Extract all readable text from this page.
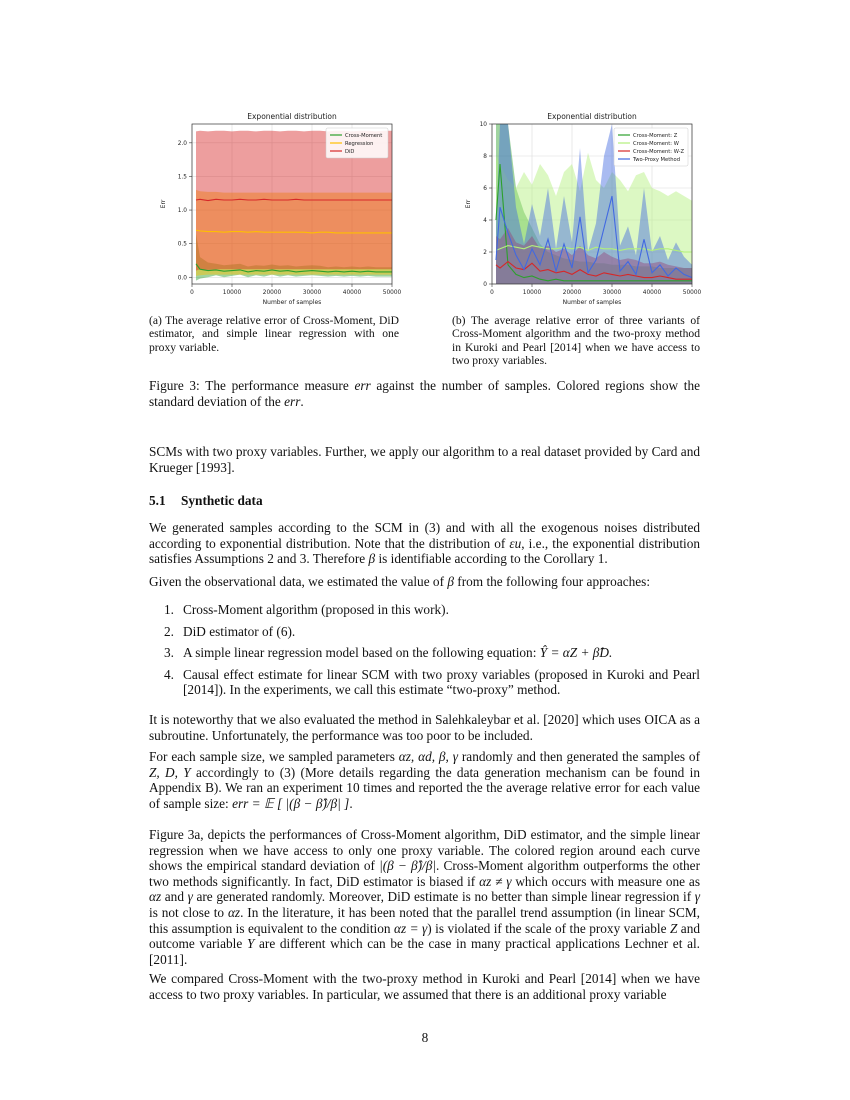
Exponential distribution
0	10000	20000	30000	40000	50000
0.0
0.5
1.0
1.5
2.0
Number of samples
Err
Cross-Moment
Regression
DiD
Exponential distribution
0	10000	20000	30000	40000	50000
0
2
4
6
8
10
Number of samples
Err
Cross-Moment: Z
Cross-Moment: W
Cross-Moment: W-Z
Two-Proxy Method
(a) The average relative error of Cross-Moment, DiD estimator, and simple linear regression with one proxy variable.
(b) The average relative error of three variants of Cross-Moment algorithm and the two-proxy method in Kuroki and Pearl [2014] when we have access to two proxy variables.
Figure 3: The performance measure err against the number of samples. Colored regions show the standard deviation of the err.
SCMs with two proxy variables. Further, we apply our algorithm to a real dataset provided by Card and Krueger [1993].
5.1 Synthetic data
We generated samples according to the SCM in (3) and with all the exogenous noises distributed according to exponential distribution. Note that the distribution of εu, i.e., the exponential distribution satisfies Assumptions 2 and 3. Therefore β is identifiable according to the Corollary 1.
Given the observational data, we estimated the value of β from the following four approaches:
1. Cross-Moment algorithm (proposed in this work).
2. DiD estimator of (6).
3. A simple linear regression model based on the following equation: Ŷ = αZ + β̂D.
4. Causal effect estimate for linear SCM with two proxy variables (proposed in Kuroki and Pearl [2014]). In the experiments, we call this estimate “two-proxy” method.
It is noteworthy that we also evaluated the method in Salehkaleybar et al. [2020] which uses OICA as a subroutine. Unfortunately, the performance was too poor to be included.
For each sample size, we sampled parameters αz, αd, β, γ randomly and then generated the samples of Z, D, Y accordingly to (3) (More details regarding the data generation mechanism can be found in Appendix B). We ran an experiment 10 times and reported the the average relative error for each value of sample size: err = 𝔼 [ |(β − β̂)/β| ].
Figure 3a, depicts the performances of Cross-Moment algorithm, DiD estimator, and the simple linear regression when we have access to only one proxy variable. The colored region around each curve shows the empirical standard deviation of |(β − β̂)/β|. Cross-Moment algorithm outperforms the other two methods significantly. In fact, DiD estimator is biased if αz ≠ γ which occurs with measure one as αz and γ are generated randomly. Moreover, DiD estimate is no better than simple linear regression if γ is not close to αz. In the literature, it has been noted that the parallel trend assumption (in linear SCM, this assumption is equivalent to the condition αz = γ) is violated if the scale of the proxy variable Z and outcome variable Y are different which can be the case in many practical applications Lechner et al. [2011].
We compared Cross-Moment with the two-proxy method in Kuroki and Pearl [2014] when we have access to two proxy variables. In particular, we assumed that there is an additional proxy variable
8
